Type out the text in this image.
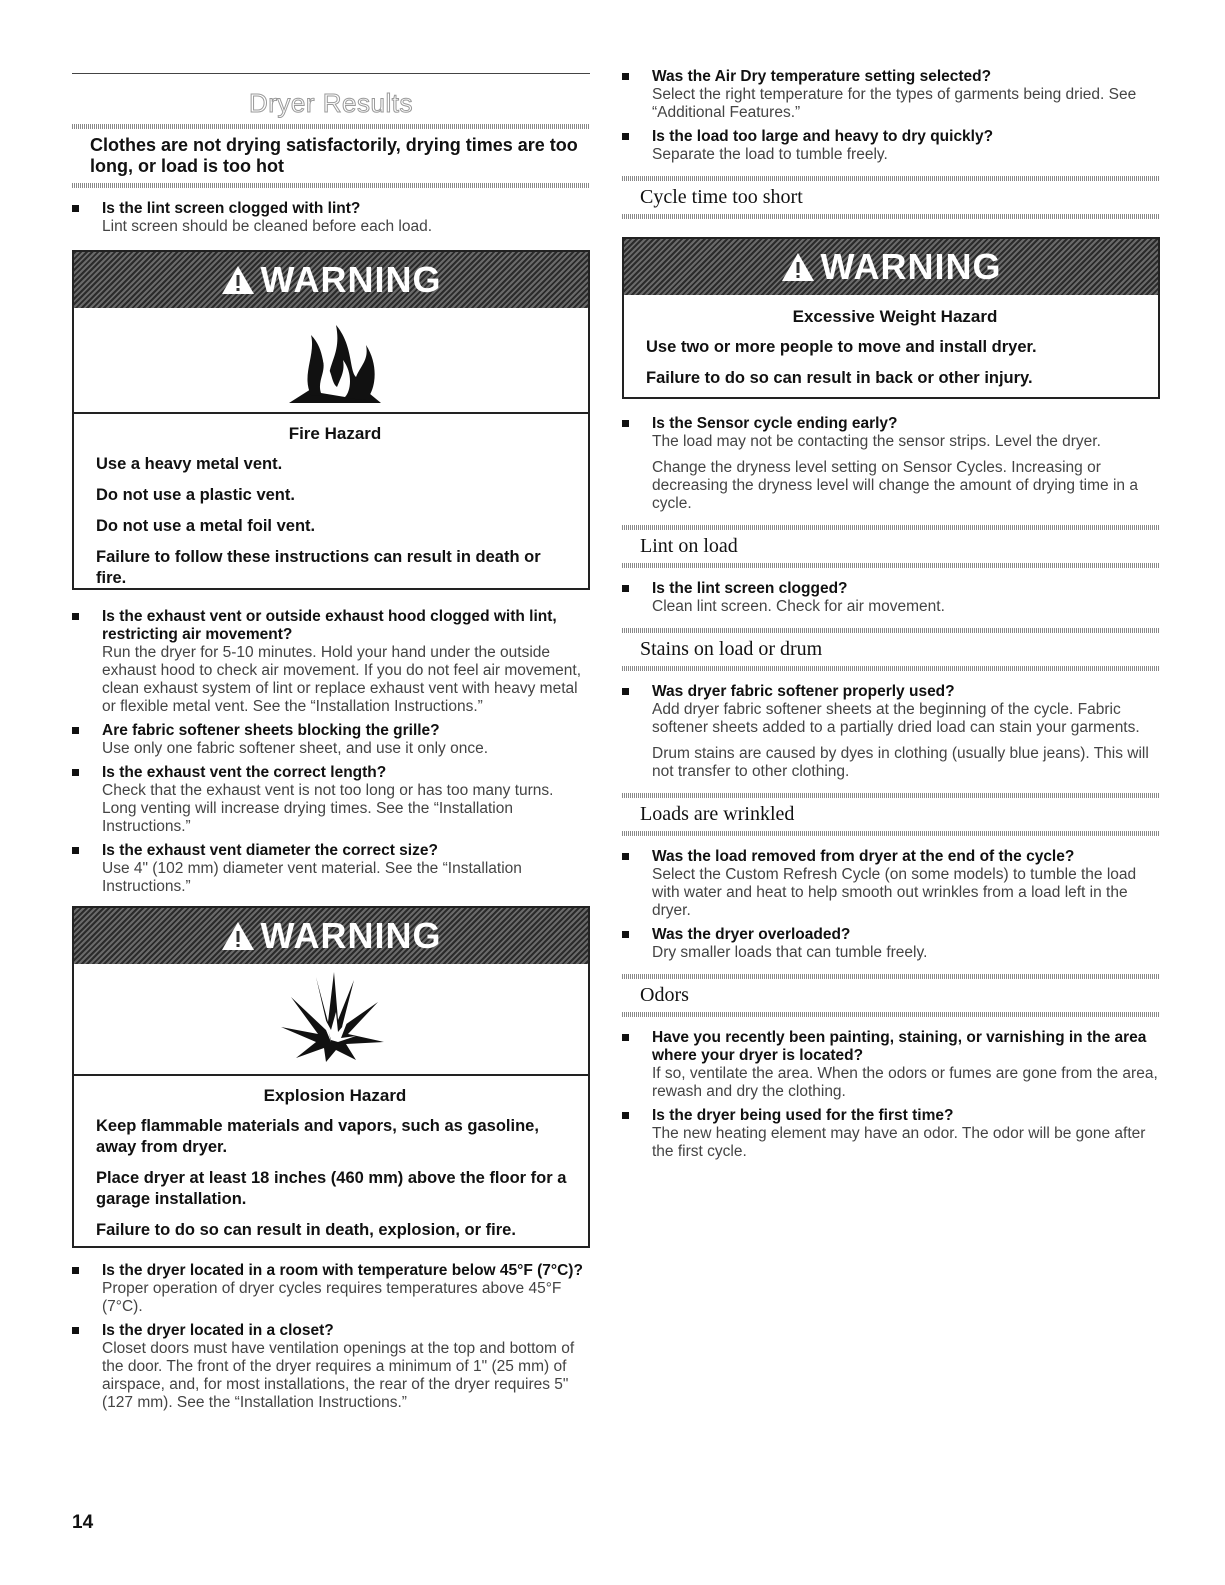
Dryer Results
Clothes are not drying satisfactorily, drying times are too long, or load is too hot
Is the lint screen clogged with lint?
Lint screen should be cleaned before each load.
WARNING
Fire Hazard

Use a heavy metal vent.

Do not use a plastic vent.

Do not use a metal foil vent.

Failure to follow these instructions can result in death or fire.

Is the exhaust vent or outside exhaust hood clogged with lint, restricting air movement?
Run the dryer for 5-10 minutes. Hold your hand under the outside exhaust hood to check air movement. If you do not feel air movement, clean exhaust system of lint or replace exhaust vent with heavy metal or flexible metal vent. See the “Installation Instructions.”
Are fabric softener sheets blocking the grille?
Use only one fabric softener sheet, and use it only once.
Is the exhaust vent the correct length?
Check that the exhaust vent is not too long or has too many turns. Long venting will increase drying times. See the “Installation Instructions.”
Is the exhaust vent diameter the correct size?
Use 4" (102 mm) diameter vent material. See the “Installation Instructions.”
WARNING
Explosion Hazard

Keep flammable materials and vapors, such as gasoline, away from dryer.

Place dryer at least 18 inches (460 mm) above the floor for a garage installation.

Failure to do so can result in death, explosion, or fire.

Is the dryer located in a room with temperature below 45°F (7°C)?
Proper operation of dryer cycles requires temperatures above 45°F (7°C).
Is the dryer located in a closet?
Closet doors must have ventilation openings at the top and bottom of the door. The front of the dryer requires a minimum of 1" (25 mm) of airspace, and, for most installations, the rear of the dryer requires 5" (127 mm). See the “Installation Instructions.”
Was the Air Dry temperature setting selected?
Select the right temperature for the types of garments being dried. See “Additional Features.”
Is the load too large and heavy to dry quickly?
Separate the load to tumble freely.
Cycle time too short
WARNING
Excessive Weight Hazard

Use two or more people to move and install dryer.

Failure to do so can result in back or other injury.

Is the Sensor cycle ending early?
The load may not be contacting the sensor strips. Level the dryer.
Change the dryness level setting on Sensor Cycles. Increasing or decreasing the dryness level will change the amount of drying time in a cycle.
Lint on load
Is the lint screen clogged?
Clean lint screen. Check for air movement.
Stains on load or drum
Was dryer fabric softener properly used?
Add dryer fabric softener sheets at the beginning of the cycle. Fabric softener sheets added to a partially dried load can stain your garments.
Drum stains are caused by dyes in clothing (usually blue jeans). This will not transfer to other clothing.
Loads are wrinkled
Was the load removed from dryer at the end of the cycle?
Select the Custom Refresh Cycle (on some models) to tumble the load with water and heat to help smooth out wrinkles from a load left in the dryer.
Was the dryer overloaded?
Dry smaller loads that can tumble freely.
Odors
Have you recently been painting, staining, or varnishing in the area where your dryer is located?
If so, ventilate the area. When the odors or fumes are gone from the area, rewash and dry the clothing.
Is the dryer being used for the first time?
The new heating element may have an odor. The odor will be gone after the first cycle.
14
